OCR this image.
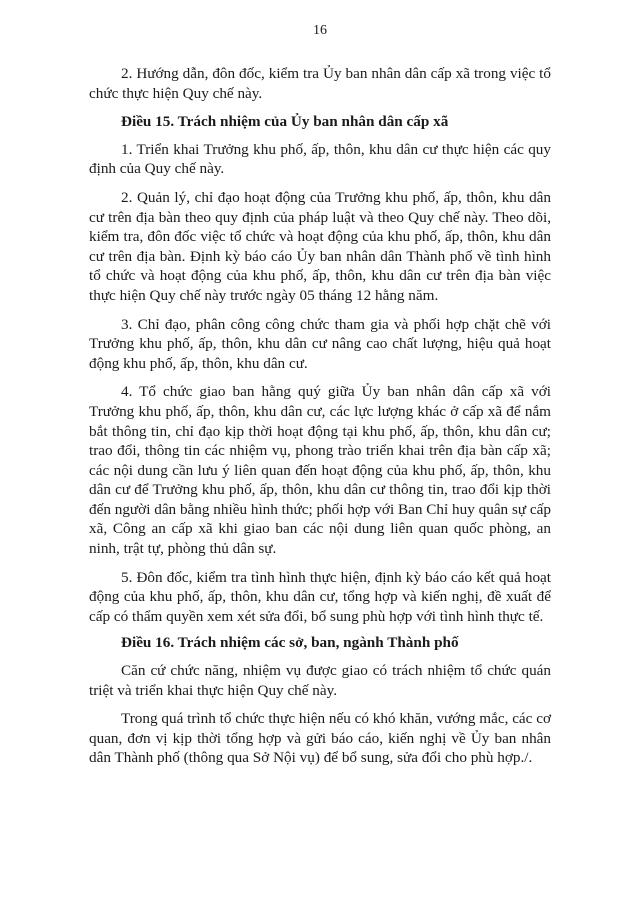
16

2. Hướng dẫn, đôn đốc, kiểm tra Ủy ban nhân dân cấp xã trong việc tổ chức thực hiện Quy chế này.

Điều 15. Trách nhiệm của Ủy ban nhân dân cấp xã

1. Triển khai Trưởng khu phố, ấp, thôn, khu dân cư thực hiện các quy định của Quy chế này.

2. Quản lý, chỉ đạo hoạt động của Trưởng khu phố, ấp, thôn, khu dân cư trên địa bàn theo quy định của pháp luật và theo Quy chế này. Theo dõi, kiểm tra, đôn đốc việc tổ chức và hoạt động của khu phố, ấp, thôn, khu dân cư trên địa bàn. Định kỳ báo cáo Ủy ban nhân dân Thành phố về tình hình tổ chức và hoạt động của khu phố, ấp, thôn, khu dân cư trên địa bàn việc thực hiện Quy chế này trước ngày 05 tháng 12 hằng năm.

3. Chỉ đạo, phân công công chức tham gia và phối hợp chặt chẽ với Trưởng khu phố, ấp, thôn, khu dân cư nâng cao chất lượng, hiệu quả hoạt động khu phố, ấp, thôn, khu dân cư.

4. Tổ chức giao ban hằng quý giữa Ủy ban nhân dân cấp xã với Trưởng khu phố, ấp, thôn, khu dân cư, các lực lượng khác ở cấp xã để nắm bắt thông tin, chỉ đạo kịp thời hoạt động tại khu phố, ấp, thôn, khu dân cư; trao đổi, thông tin các nhiệm vụ, phong trào triển khai trên địa bàn cấp xã; các nội dung cần lưu ý liên quan đến hoạt động của khu phố, ấp, thôn, khu dân cư để Trưởng khu phố, ấp, thôn, khu dân cư thông tin, trao đổi kịp thời đến người dân bằng nhiều hình thức; phối hợp với Ban Chỉ huy quân sự cấp xã, Công an cấp xã khi giao ban các nội dung liên quan quốc phòng, an ninh, trật tự, phòng thủ dân sự.

5. Đôn đốc, kiểm tra tình hình thực hiện, định kỳ báo cáo kết quả hoạt động của khu phố, ấp, thôn, khu dân cư, tổng hợp và kiến nghị, đề xuất để cấp có thẩm quyền xem xét sửa đổi, bổ sung phù hợp với tình hình thực tế.

Điều 16. Trách nhiệm các sở, ban, ngành Thành phố

Căn cứ chức năng, nhiệm vụ được giao có trách nhiệm tổ chức quán triệt và triển khai thực hiện Quy chế này.

Trong quá trình tổ chức thực hiện nếu có khó khăn, vướng mắc, các cơ quan, đơn vị kịp thời tổng hợp và gửi báo cáo, kiến nghị về Ủy ban nhân dân Thành phố (thông qua Sở Nội vụ) để bổ sung, sửa đổi cho phù hợp./.
